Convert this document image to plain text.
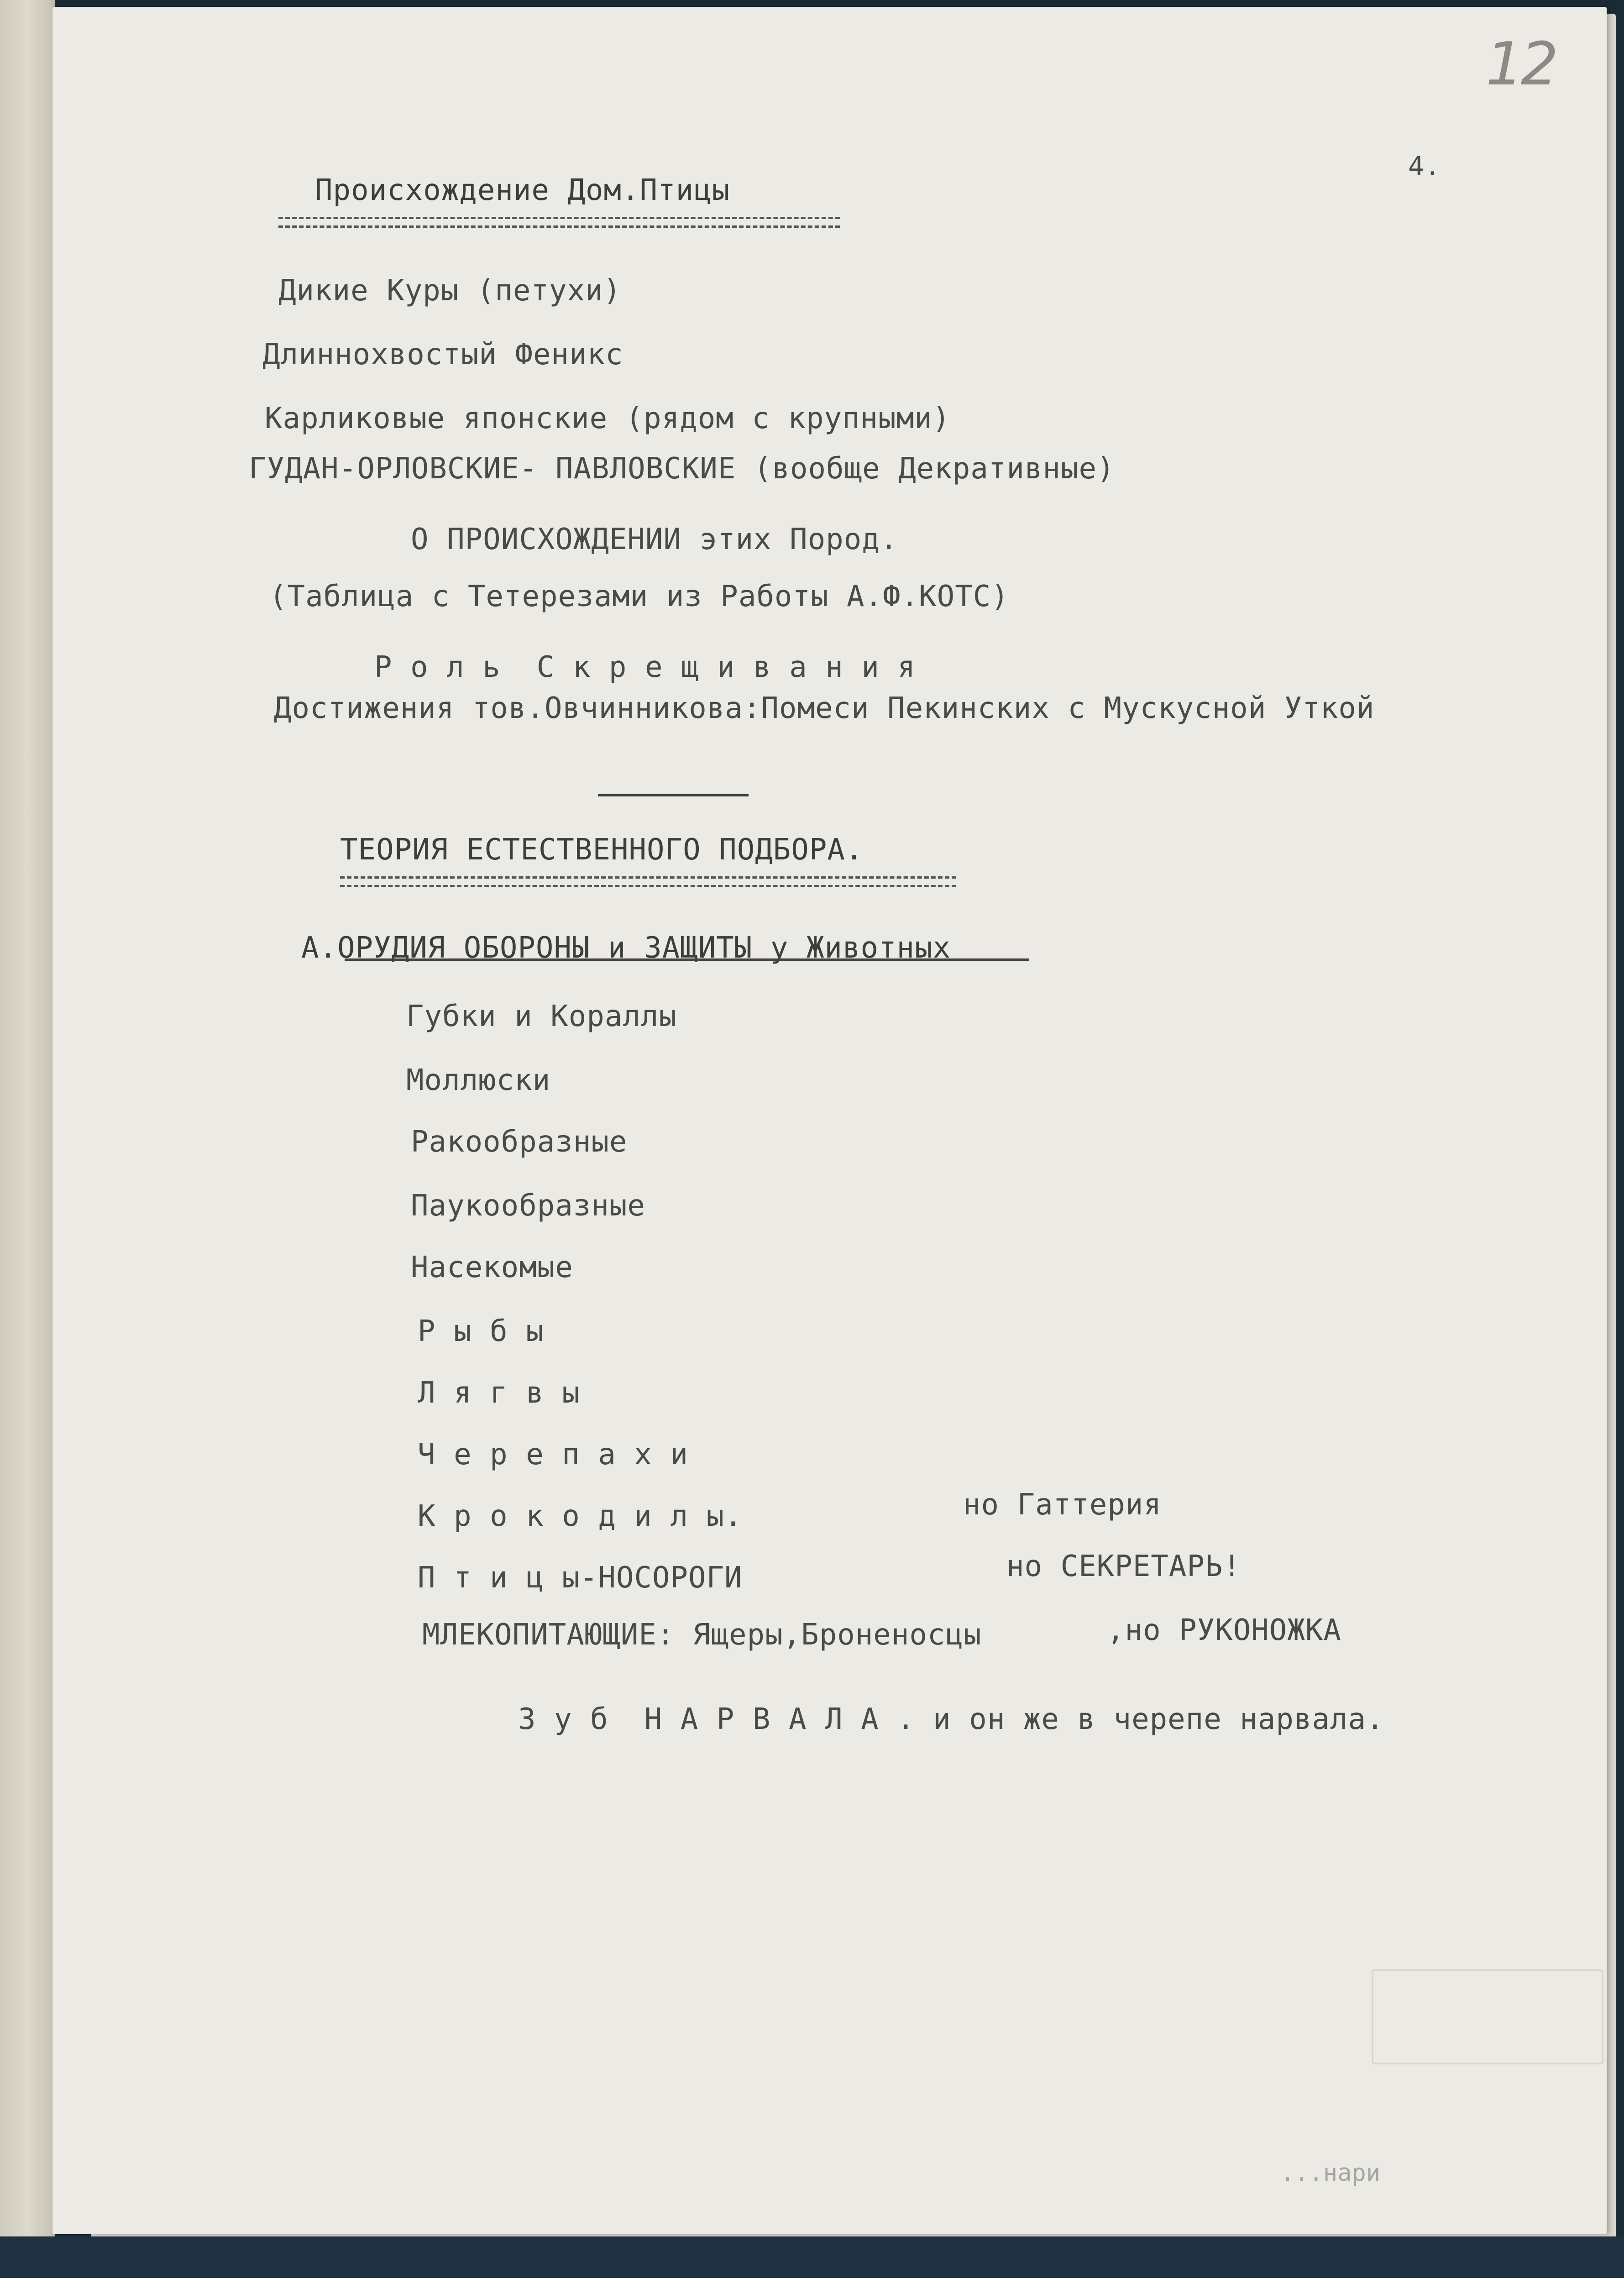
12
4.
Происхождение Дом.Птицы
Дикие Куры (петухи)
Длиннохвостый Феникс
Карликовые японские (рядом с крупными)
ГУДАН-ОРЛОВСКИЕ- ПАВЛОВСКИЕ (вообще Декративные)
О ПРОИСХОЖДЕНИИ этих Пород.
(Таблица с Тетерезами из Работы А.Ф.КОТС)
Р о л ь  С к р е щ и в а н и я
Достижения тов.Овчинникова:Помеси Пекинских с Мускусной Уткой
ТЕОРИЯ ЕСТЕСТВЕННОГО ПОДБОРА.
А.ОРУДИЯ ОБОРОНЫ и ЗАЩИТЫ у Животных
Губки и Кораллы
Моллюски
Ракообразные
Паукообразные
Насекомые
Р ы б ы
Л я г в ы
Ч е р е п а х и
К р о к о д и л ы.	но Гаттерия
П т и ц ы-НОСОРОГИ	но СЕКРЕТАРЬ!
МЛЕКОПИТАЮЩИЕ: Ящеры,Броненосцы	,но РУКОНОЖКА
З у б  Н А Р В А Л А . и он же в черепе нарвала.
...нари
